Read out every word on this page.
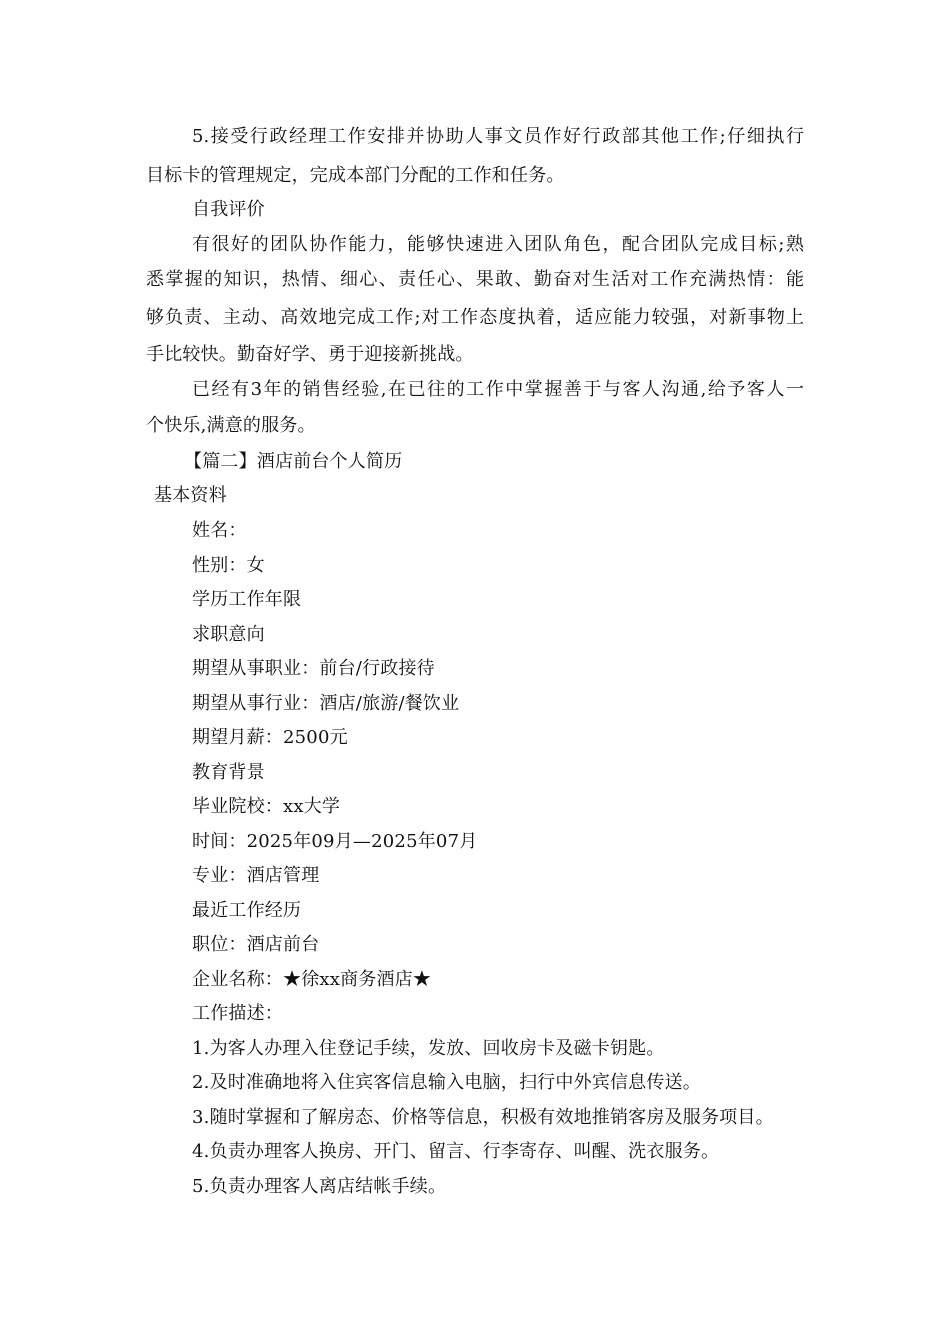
5.接受行政经理工作安排并协助人事文员作好行政部其他工作;仔细执行
目标卡的管理规定，完成本部门分配的工作和任务。
自我评价
有很好的团队协作能力，能够快速进入团队角色，配合团队完成目标;熟
悉掌握的知识，热情、细心、责任心、果敢、勤奋对生活对工作充满热情：能
够负责、主动、高效地完成工作;对工作态度执着，适应能力较强，对新事物上
手比较快。勤奋好学、勇于迎接新挑战。
已经有3年的销售经验,在已往的工作中掌握善于与客人沟通,给予客人一
个快乐,满意的服务。
【篇二】酒店前台个人简历
基本资料
姓名：
性别：女
学历工作年限
求职意向
期望从事职业：前台/行政接待
期望从事行业：酒店/旅游/餐饮业
期望月薪：2500元
教育背景
毕业院校：xx大学
时间：2025年09月—2025年07月
专业：酒店管理
最近工作经历
职位：酒店前台
企业名称：★徐xx商务酒店★
工作描述：
1.为客人办理入住登记手续，发放、回收房卡及磁卡钥匙。
2.及时准确地将入住宾客信息输入电脑，扫行中外宾信息传送。
3.随时掌握和了解房态、价格等信息，积极有效地推销客房及服务项目。
4.负责办理客人换房、开门、留言、行李寄存、叫醒、洗衣服务。
5.负责办理客人离店结帐手续。
